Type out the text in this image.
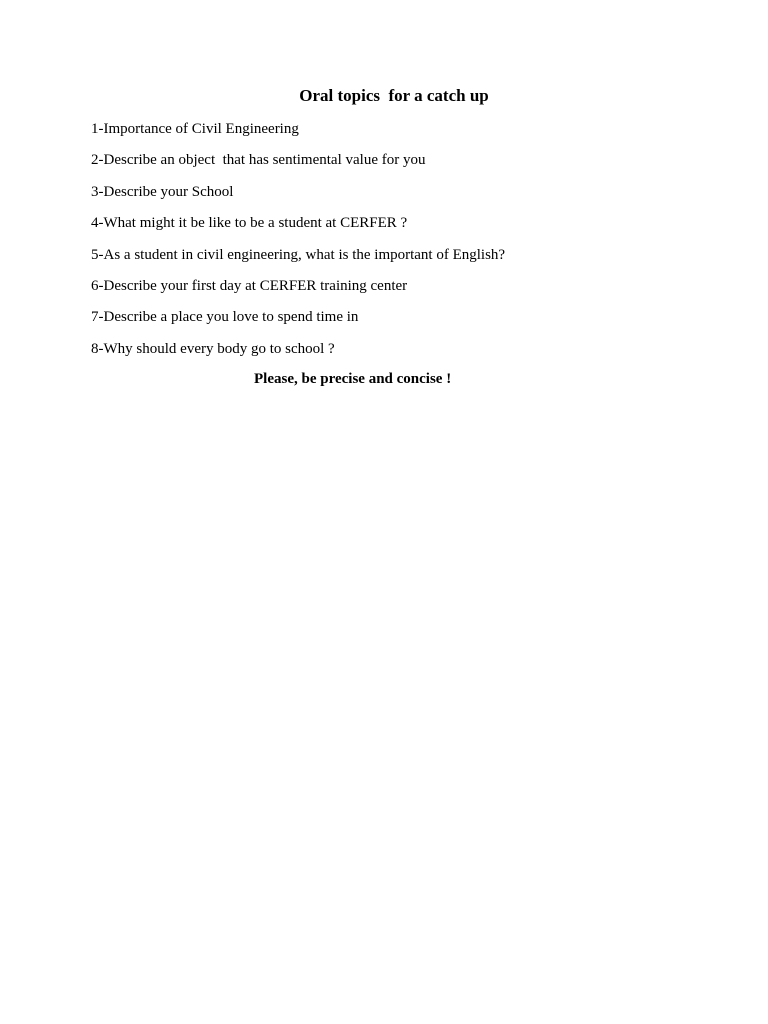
Oral topics  for a catch up
1-Importance of Civil Engineering
2-Describe an object  that has sentimental value for you
3-Describe your School
4-What might it be like to be a student at CERFER ?
5-As a student in civil engineering, what is the important of English?
6-Describe your first day at CERFER training center
7-Describe a place you love to spend time in
8-Why should every body go to school ?

Please, be precise and concise !
